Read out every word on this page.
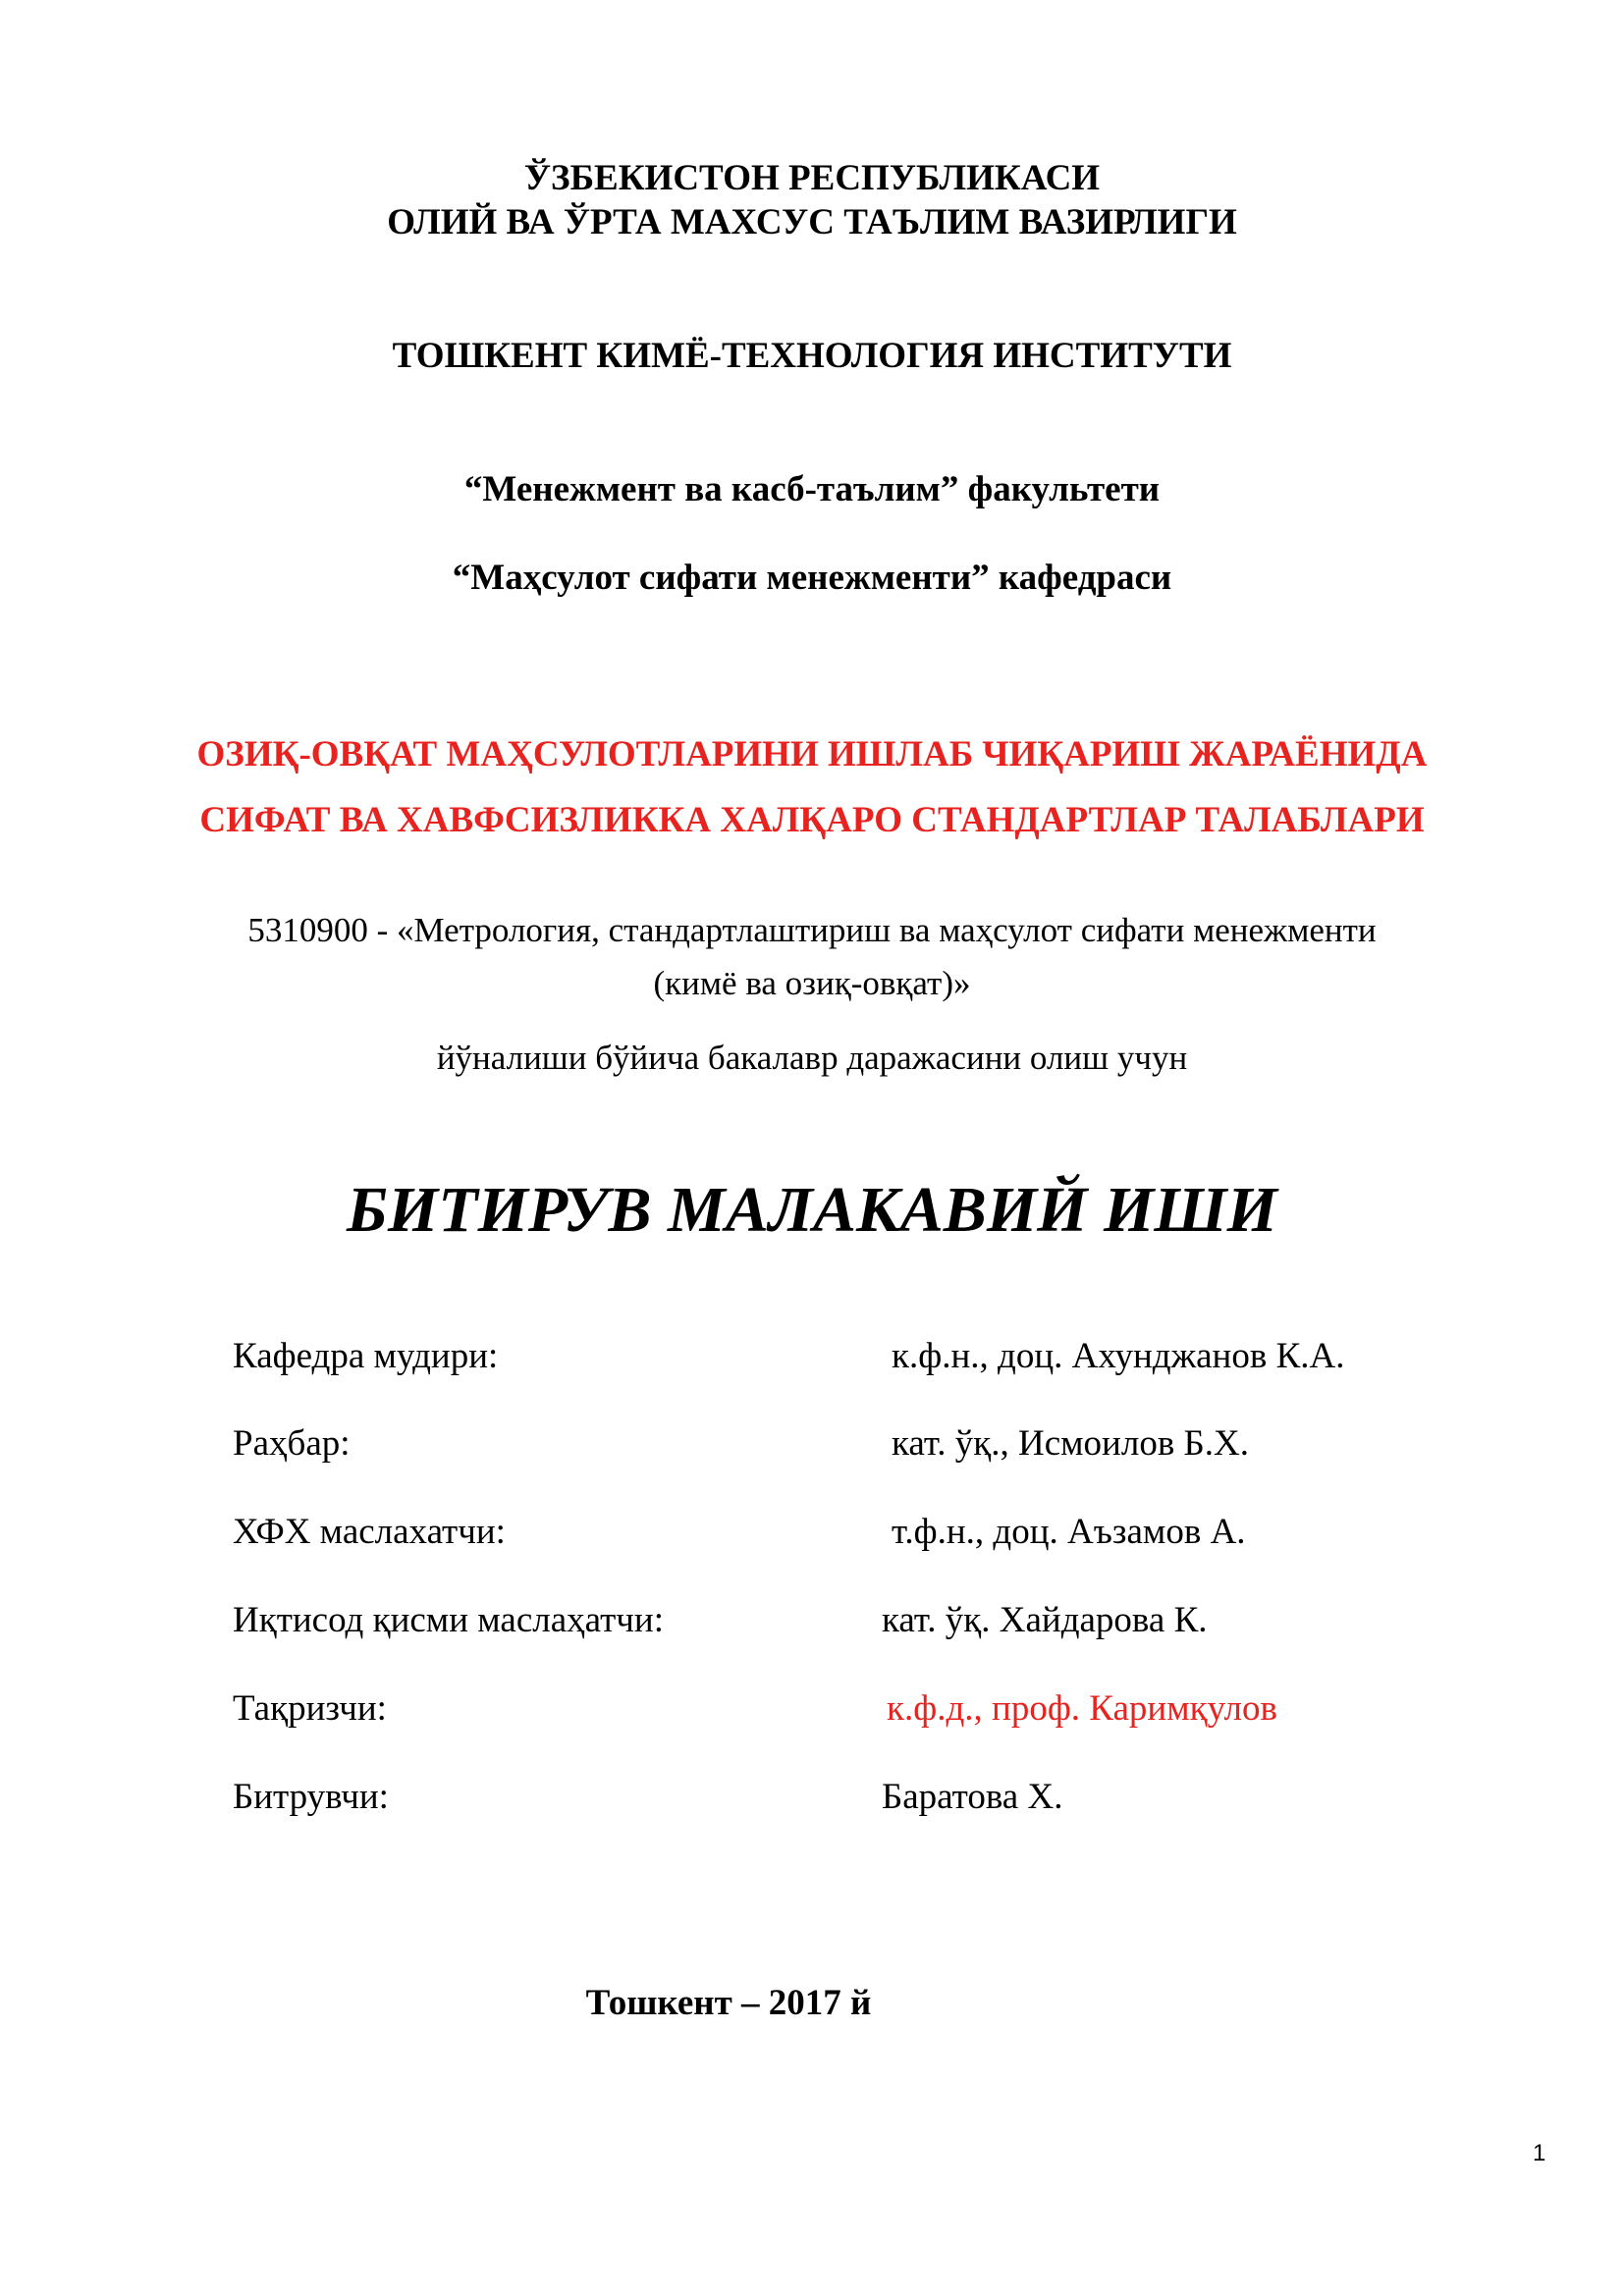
ЎЗБЕКИСТОН РЕСПУБЛИКАСИ
ОЛИЙ ВА ЎРТА МАХСУС ТАЪЛИМ ВАЗИРЛИГИ
ТОШКЕНТ КИМЁ-ТЕХНОЛОГИЯ ИНСТИТУТИ
“Менежмент ва касб-таълим” факультети
“Маҳсулот сифати менежменти” кафедраси
ОЗИҚ-ОВҚАТ МАҲСУЛОТЛАРИНИ ИШЛАБ ЧИҚАРИШ ЖАРАЁНИДА
СИФАТ ВА ХАВФСИЗЛИККА ХАЛҚАРО СТАНДАРТЛАР ТАЛАБЛАРИ
5310900 - «Метрология, стандартлаштириш ва маҳсулот сифати менежменти
(кимё ва озиқ-овқат)»
йўналиши бўйича бакалавр даражасини олиш учун
БИТИРУВ МАЛАКАВИЙ ИШИ
Кафедра мудири:	к.ф.н., доц. Ахунджанов К.А.
Раҳбар:	кат. ўқ., Исмоилов Б.Х.
ХФХ маслахатчи:	т.ф.н., доц. Аъзамов А.
Иқтисод қисми маслаҳатчи:	кат. ўқ. Хайдарова К.
Тақризчи:	к.ф.д., проф. Каримқулов
Битрувчи:	Баратова Х.
Тошкент – 2017 й
1
